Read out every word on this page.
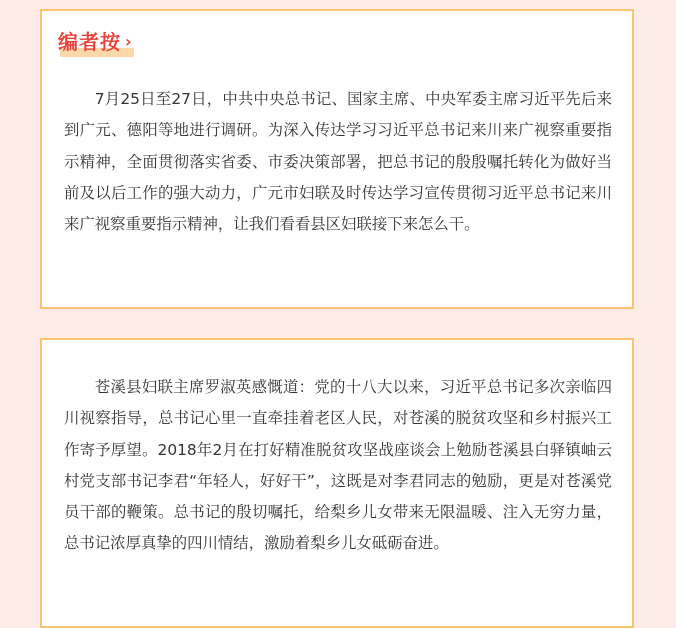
编者按 ›

7月25日至27日，中共中央总书记、国家主席、中央军委主席习近平先后来到广元、德阳等地进行调研。为深入传达学习习近平总书记来川来广视察重要指示精神，全面贯彻落实省委、市委决策部署，把总书记的殷殷嘱托转化为做好当前及以后工作的强大动力，广元市妇联及时传达学习宣传贯彻习近平总书记来川来广视察重要指示精神，让我们看看县区妇联接下来怎么干。

苍溪县妇联主席罗淑英感慨道：党的十八大以来，习近平总书记多次亲临四川视察指导，总书记心里一直牵挂着老区人民，对苍溪的脱贫攻坚和乡村振兴工作寄予厚望。2018年2月在打好精准脱贫攻坚战座谈会上勉励苍溪县白驿镇岫云村党支部书记李君“年轻人，好好干”，这既是对李君同志的勉励，更是对苍溪党员干部的鞭策。总书记的殷切嘱托，给梨乡儿女带来无限温暖、注入无穷力量，总书记浓厚真挚的四川情结，激励着梨乡儿女砥砺奋进。
